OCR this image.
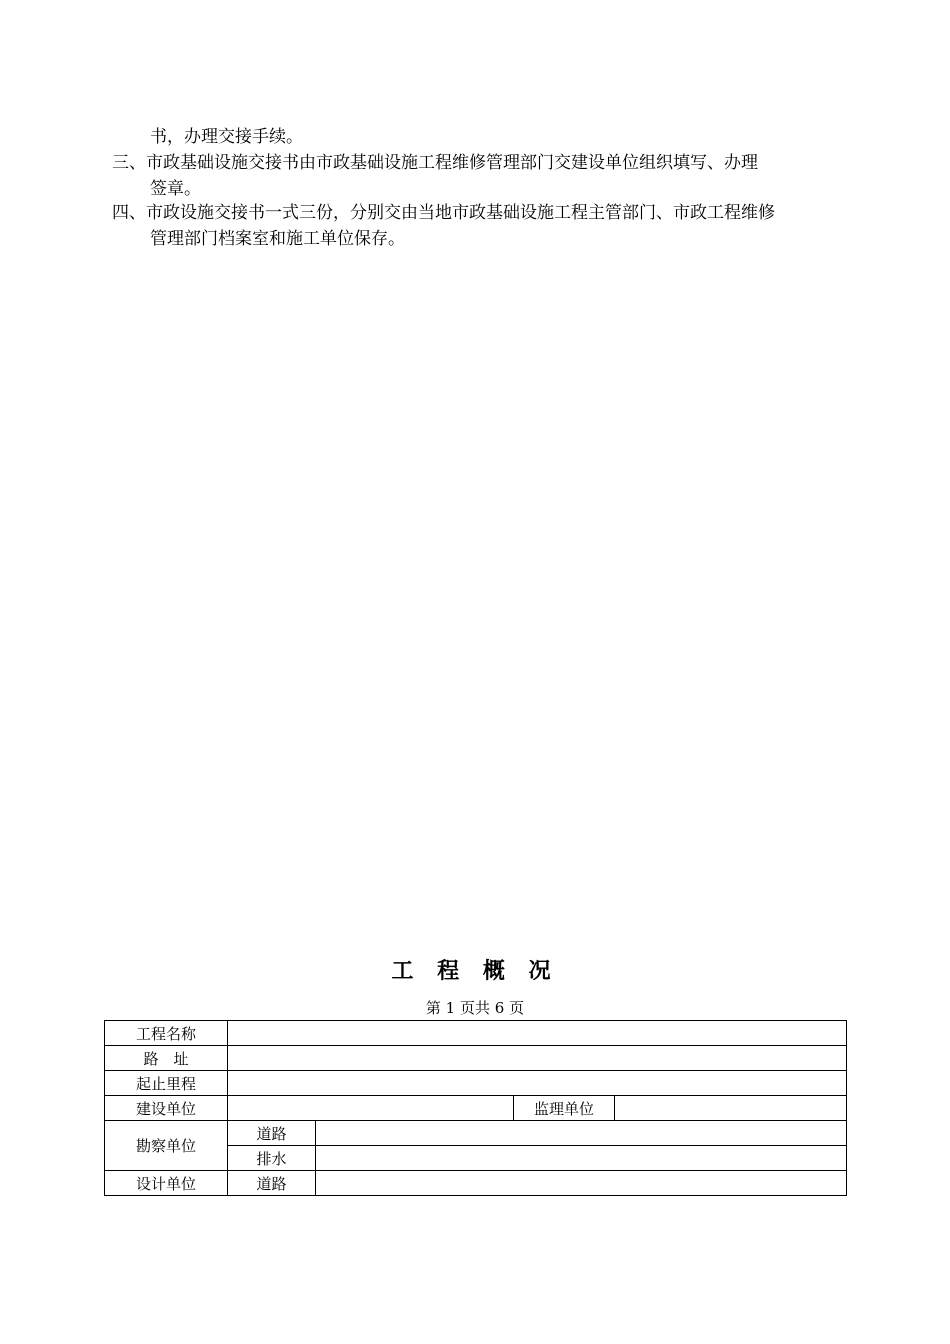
书，办理交接手续。
三、市政基础设施交接书由市政基础设施工程维修管理部门交建设单位组织填写、办理
签章。
四、市政设施交接书一式三份，分别交由当地市政基础设施工程主管部门、市政工程维修
管理部门档案室和施工单位保存。
工 程 概 况
第 1 页共 6 页
工程名称				
路　址				
起止里程				
建设单位			监理单位	
勘察单位	道路			
	排水			
设计单位	道路			
